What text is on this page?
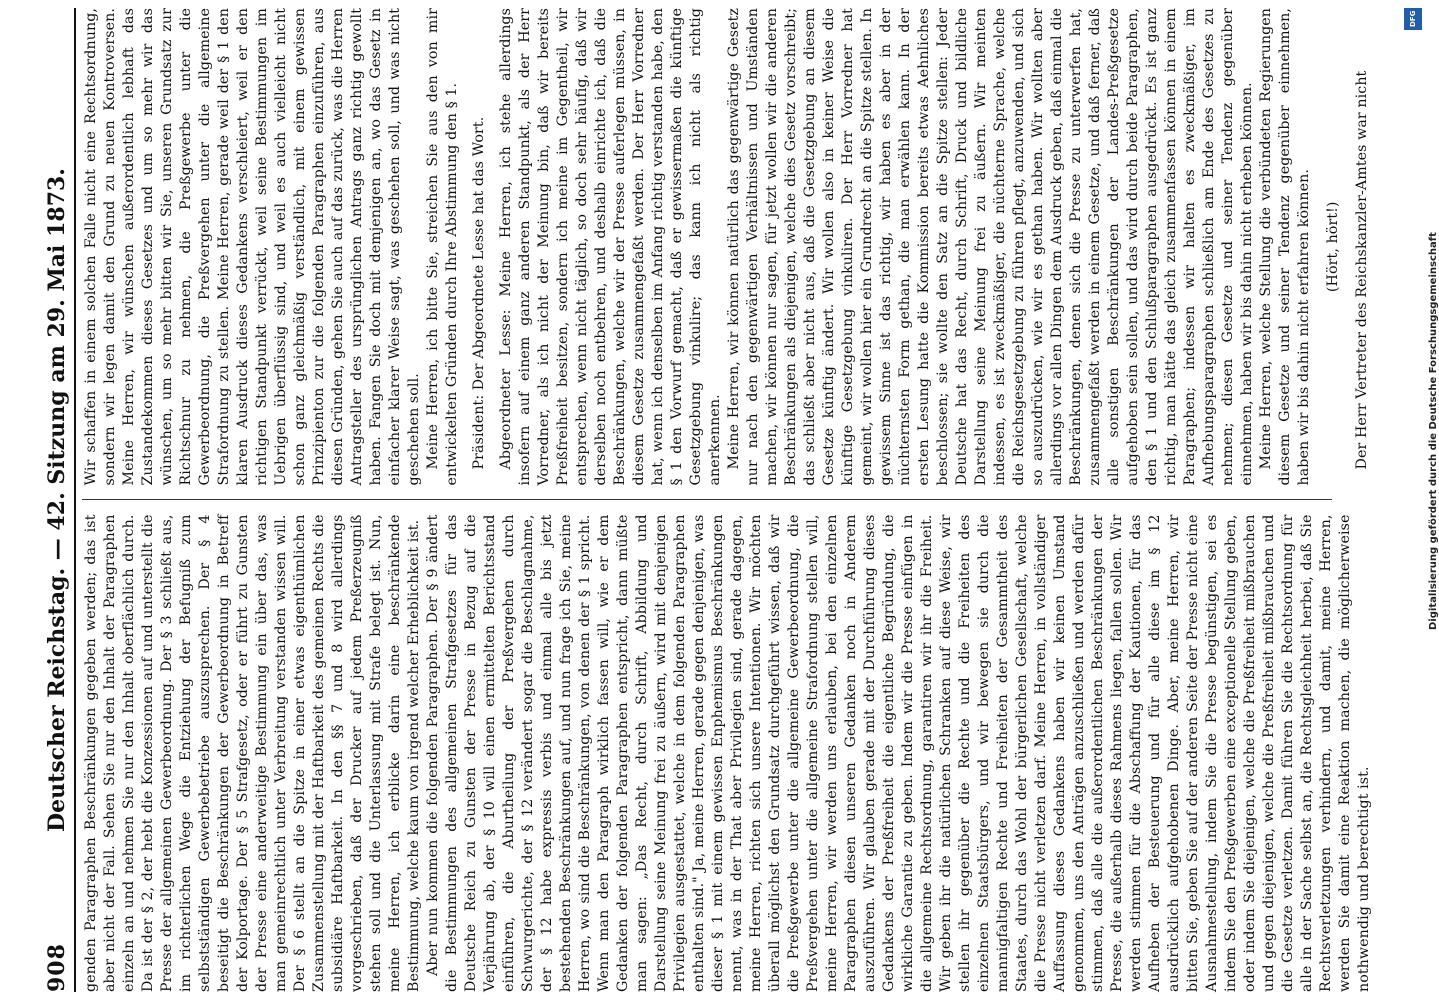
908
Deutscher Reichstag. — 42. Sitzung am 29. Mai 1873. genden Paragraphen Beschränkungen gegeben werden; das ist aber nicht der Fall. Sehen Sie nur den Inhalt der Paragraphen einzeln an und nehmen Sie nur den Inhalt oberflächlich durch. Da ist der § 2, der hebt die Konzessionen auf und unterstellt die Presse der allgemeinen Gewerbeordnung. Der § 3 schließt aus, im richterlichen Wege die Entziehung der Befugniß zum selbstständigen Gewerbebetriebe auszusprechen. Der § 4 beseitigt die Beschränkungen der Gewerbeordnung in Betreff der Kolportage. Der § 5 Strafgesetz, oder er führt zu Gunsten der Presse eine anderweitige Bestimmung ein über das, was man gemeinrechtlich unter Verbreitung verstanden wissen will. Der § 6 stellt an die Spitze in einer etwas eigenthümlichen Zusammenstellung mit der Haftbarkeit des gemeinen Rechts die subsidiäre Haftbarkeit. In den §§ 7 und 8 wird allerdings vorgeschrieben, daß der Drucker auf jedem Preßerzeugniß stehen soll und die Unterlassung mit Strafe belegt ist. Nun, meine Herren, ich erblicke darin eine beschränkende Bestimmung, welche kaum von irgend welcher Erheblichkeit ist. Aber nun kommen die folgenden Paragraphen. Der § 9 ändert die Bestimmungen des allgemeinen Strafgesetzes für das Deutsche Reich zu Gunsten der Presse in Bezug auf die Verjährung ab, der § 10 will einen ermittelten Berichtsstand einführen, die Aburtheilung der Preßvergehen durch Schwurgerichte, der § 12 verändert sogar die Beschlagnahme, der § 12 habe expressis verbis und einmal alle bis jetzt bestehenden Beschränkungen auf, und nun frage ich Sie, meine Herren, wo sind die Beschränkungen, von denen der § 1 spricht. Wenn man den Paragraph wirklich fassen will, wie er dem Gedanken der folgenden Paragraphen entspricht, dann müßte man sagen: „Das Recht, durch Schrift, Abbildung und Darstellung seine Meinung frei zu äußern, wird mit denjenigen Privilegien ausgestattet, welche in dem folgenden Paragraphen enthalten sind." Ja, meine Herren, gerade gegen denjenigen, was dieser § 1 mit einem gewissen Enphemismus Beschränkungen nennt, was in der That aber Privilegien sind, gerade dagegen, meine Herren, richten sich unsere Intentionen. Wir möchten überall möglichst den Grundsatz durchgeführt wissen, daß wir die Preßgewerbe unter die allgemeine Gewerbeordnung, die Preßvergehen unter die allgemeine Strafordnung stellen will, meine Herren, wir werden uns erlauben, bei den einzelnen Paragraphen diesen unseren Gedanken noch in Anderem auszuführen. Wir glauben gerade mit der Durchführung dieses Gedankens der Preßfreiheit die eigentliche Begründung, die wirkliche Garantie zu geben. Indem wir die Presse einfügen in die allgemeine Rechtsordnung, garantiren wir ihr die Freiheit. Wir geben ihr die natürlichen Schranken auf diese Weise, wir stellen ihr gegenüber die Rechte und die Freiheiten des einzelnen Staatsbürgers, und wir bewegen sie durch die mannigfaltigen Rechte und Freiheiten der Gesammtheit des Staates, durch das Wohl der bürgerlichen Gesellschaft, welche die Presse nicht verletzen darf. Meine Herren, in vollständiger Auffassung dieses Gedankens haben wir keinen Umstand genommen, uns den Anträgen anzuschließen und werden dafür stimmen, daß alle die außerordentlichen Beschränkungen der Presse, die außerhalb dieses Rahmens liegen, fallen sollen. Wir werden stimmen für die Abschaffung der Kautionen, für das Aufheben der Besteuerung und für alle diese im § 12 ausdrücklich aufgehobenen Dinge. Aber, meine Herren, wir bitten Sie, geben Sie auf der anderen Seite der Presse nicht eine Ausnahmestellung, indem Sie die Presse begünstigen, sei es indem Sie den Preßgewerben eine exceptionelle Stellung geben, oder indem Sie diejenigen, welche die Preßfreiheit mißbrauchen und gegen diejenigen, welche die Preßfreiheit mißbrauchen und die Gesetze verletzen. Damit führen Sie die Rechtsordnung für alle in der Sache selbst an, die Rechtsgleichheit herbei, daß Sie Rechtsverletzungen verhindern, und damit, meine Herren, werden Sie damit eine Reaktion machen, die möglicherweise nothwendig und berechtigt ist.

Wir schaffen in einem solchen Falle nicht eine Rechtsordnung, sondern wir legen damit den Grund zu neuen Kontroversen. Meine Herren, wir wünschen außerordentlich lebhaft das Zustandekommen dieses Gesetzes und um so mehr wir das wünschen, um so mehr bitten wir Sie, unseren Grundsatz zur Richtschnur zu nehmen, die Preßgewerbe unter die Gewerbeordnung, die Preßvergehen unter die allgemeine Strafordnung zu stellen. Meine Herren, gerade weil der § 1 den klaren Ausdruck dieses Gedankens verschleiert, weil er den richtigen Standpunkt verrückt, weil seine Bestimmungen im Uebrigen überflüssig sind, und weil es auch vielleicht nicht schon ganz gleichmäßig verständlich, mit einem gewissen Prinzipienton zur die folgenden Paragraphen einzuführen, aus diesen Gründen, gehen Sie auch auf das zurück, was die Herren Antragsteller des ursprünglichen Antrags ganz richtig gewollt haben. Fangen Sie doch mit demjenigen an, wo das Gesetz in einfacher klarer Weise sagt, was geschehen soll, und was nicht geschehen soll. Meine Herren, ich bitte Sie, streichen Sie aus den von mir entwickelten Gründen durch Ihre Abstimmung den § 1. Präsident: Der Abgeordnete Lesse hat das Wort. Abgeordneter Lesse: Meine Herren, ich stehe allerdings insofern auf einem ganz anderen Standpunkt, als der Herr Vorredner, als ich nicht der Meinung bin, daß wir bereits Preßfreiheit besitzen, sondern ich meine im Gegentheil, wir entsprechen, wenn nicht täglich, so doch sehr häufig, daß wir derselben noch entbehren, und deshalb einrichte ich, daß die Beschränkungen, welche wir der Presse auferlegen müssen, in diesem Gesetze zusammengefaßt werden. Der Herr Vorredner hat, wenn ich denselben im Anfang richtig verstanden habe, den § 1 den Vorwurf gemacht, daß er gewissermaßen die künftige Gesetzgebung vinkulire; das kann ich nicht als richtig anerkennen. Meine Herren, wir können natürlich das gegenwärtige Gesetz nur nach den gegenwärtigen Verhältnissen und Umständen machen, wir können nur sagen, für jetzt wollen wir die anderen Beschränkungen als diejenigen, welche dies Gesetz vorschreibt; das schließt aber nicht aus, daß die Gesetzgebung an diesem Gesetze künftig ändert. Wir wollen also in keiner Weise die künftige Gesetzgebung vinkuliren. Der Herr Vorredner hat gemeint, wir wollen hier ein Grundrecht an die Spitze stellen. In gewissem Sinne ist das richtig, wir haben es aber in der nüchternsten Form gethan, die man erwählen kann. In der ersten Lesung hatte die Kommission bereits etwas Aehnliches beschlossen; sie wollte den Satz an die Spitze stellen: Jeder Deutsche hat das Recht, durch Schrift, Druck und bildliche Darstellung seine Meinung frei zu äußern. Wir meinten indessen, es ist zweckmäßiger, die nüchterne Sprache, welche die Reichsgesetzgebung zu führen pflegt, anzuwenden, und sich so auszudrücken, wie wir es gethan haben. Wir wollten aber allerdings vor allen Dingen dem Ausdruck geben, daß einmal die Beschränkungen, denen sich die Presse zu unterwerfen hat, zusammengefaßt werden in einem Gesetze, und daß ferner, daß alle sonstigen Beschränkungen der Landes-Preßgesetze aufgehoben sein sollen, und das wird durch beide Paragraphen, den § 1 und den Schlußparagraphen ausgedrückt. Es ist ganz richtig, man hätte das gleich zusammenfassen können in einem Paragraphen; indessen wir halten es zweckmäßiger, im Aufhebungsparagraphen schließlich am Ende des Gesetzes zu nehmen; diesen Gesetze und seiner Tendenz gegenüber einnehmen, haben wir bis dahin nicht erheben können. Meine Herren, welche Stellung die verbündeten Regierungen diesem Gesetze und seiner Tendenz gegenüber einnehmen, haben wir bis dahin nicht erfahren können. (Hört, hört!) Der Herr Vertreter des Reichskanzler-Amtes war nicht

DFG
Digitalisierung gefördert durch die Deutsche Forschungsgemeinschaft
